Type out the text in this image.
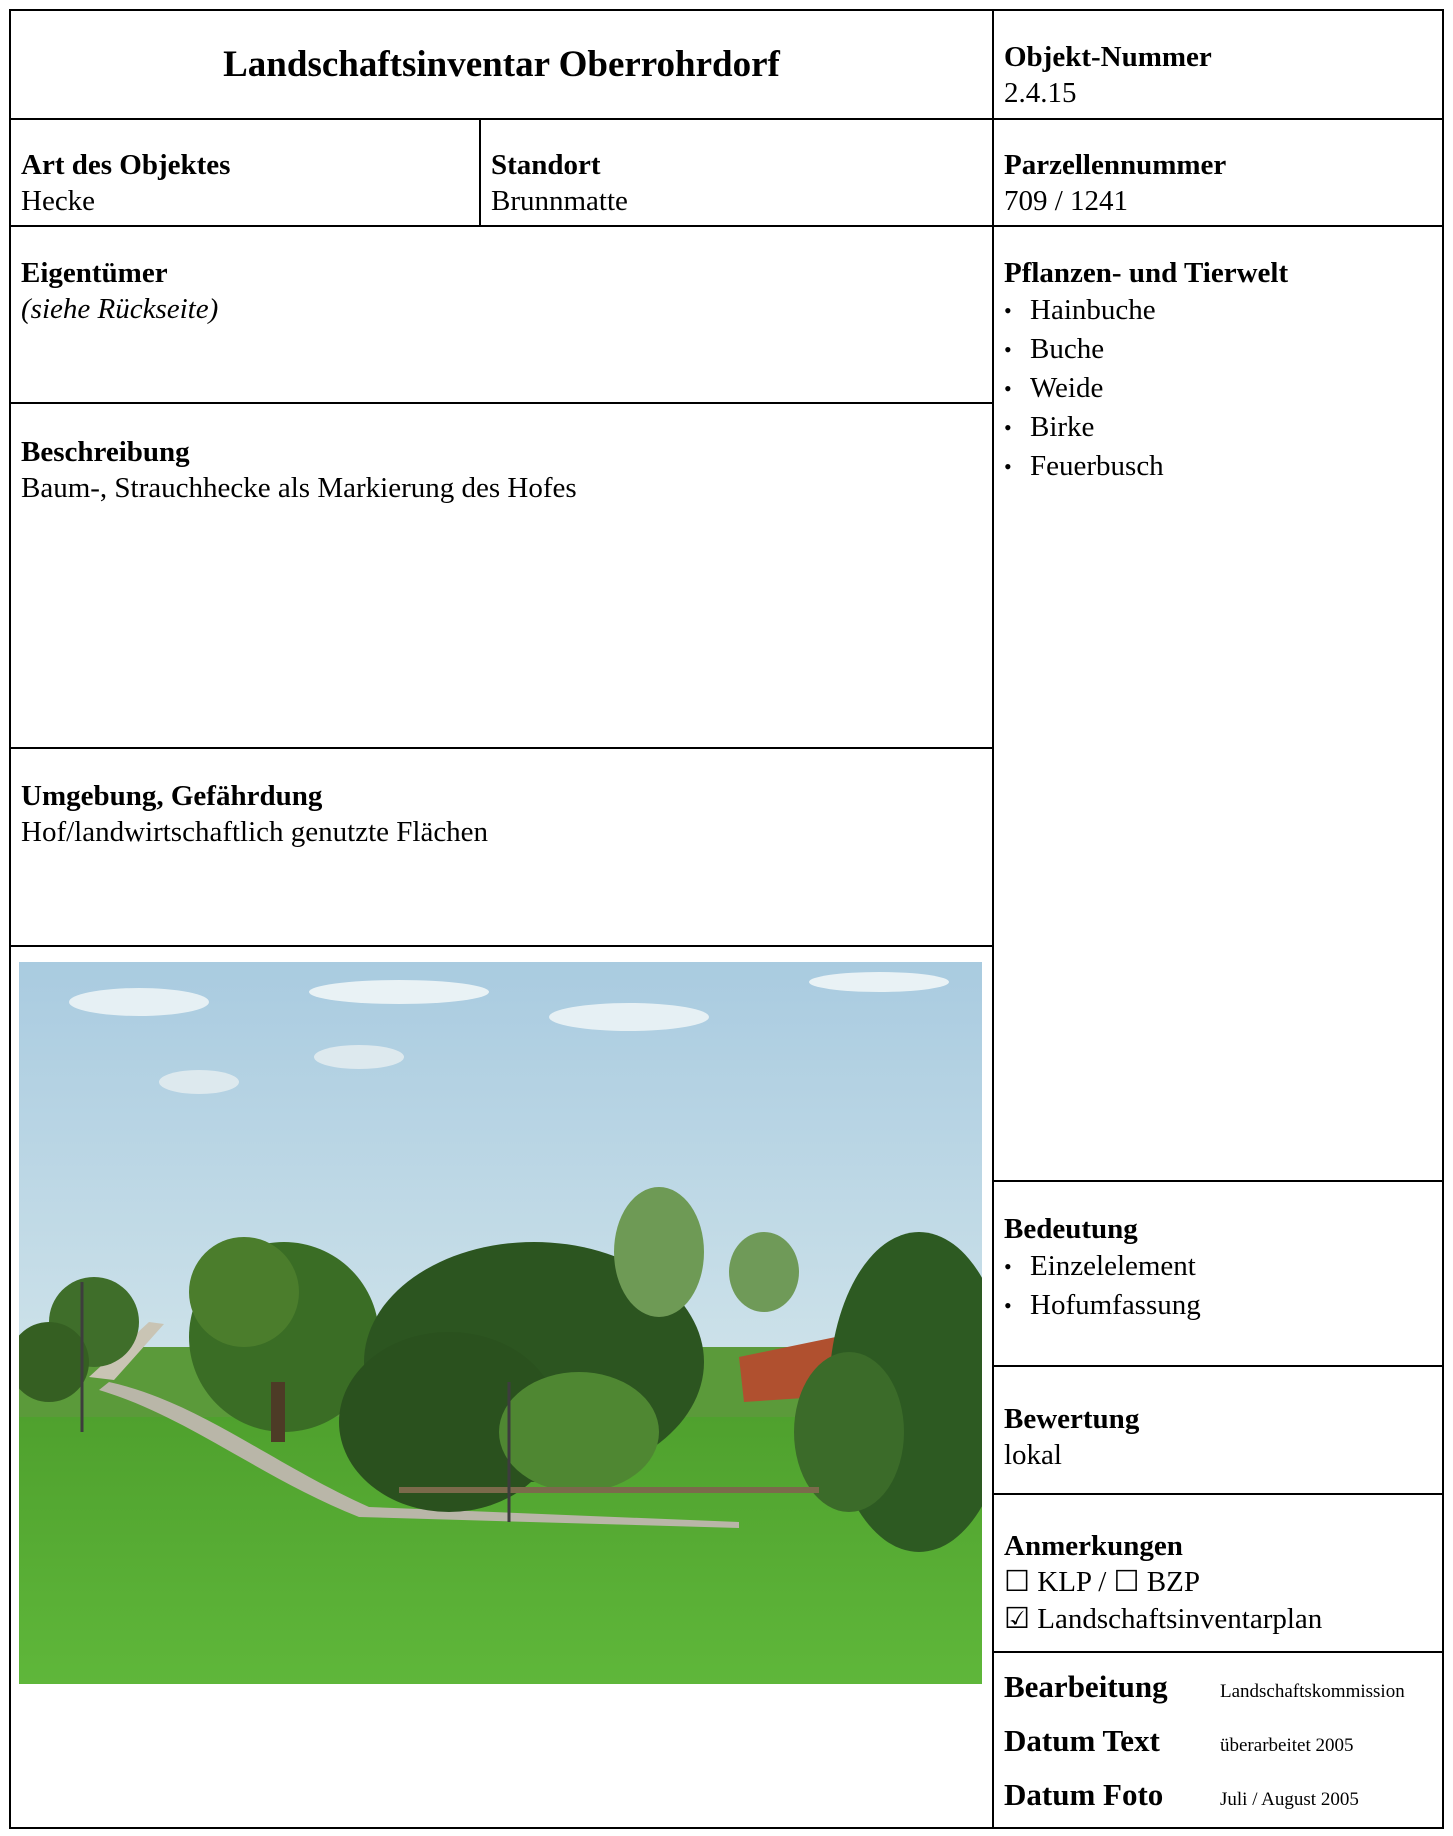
Landschaftsinventar Oberrohrdorf	Objekt-Nummer
2.4.15
Art des Objektes
Hecke
Standort
Brunnmatte
Parzellennummer
709 / 1241
Eigentümer
(siehe Rückseite)
Beschreibung
Baum-, Strauchhecke als Markierung des Hofes
Umgebung, Gefährdung
Hof/landwirtschaftlich genutzte Flächen
Pflanzen- und Tierwelt
• Hainbuche
• Buche
• Weide
• Birke
• Feuerbusch
Bedeutung
• Einzelelement
• Hofumfassung
Bewertung
lokal
Anmerkungen
☐ KLP / ☐ BZP
☑ Landschaftsinventarplan
Bearbeitung	Landschaftskommission
Datum Text	überarbeitet 2005
Datum Foto	Juli / August 2005
